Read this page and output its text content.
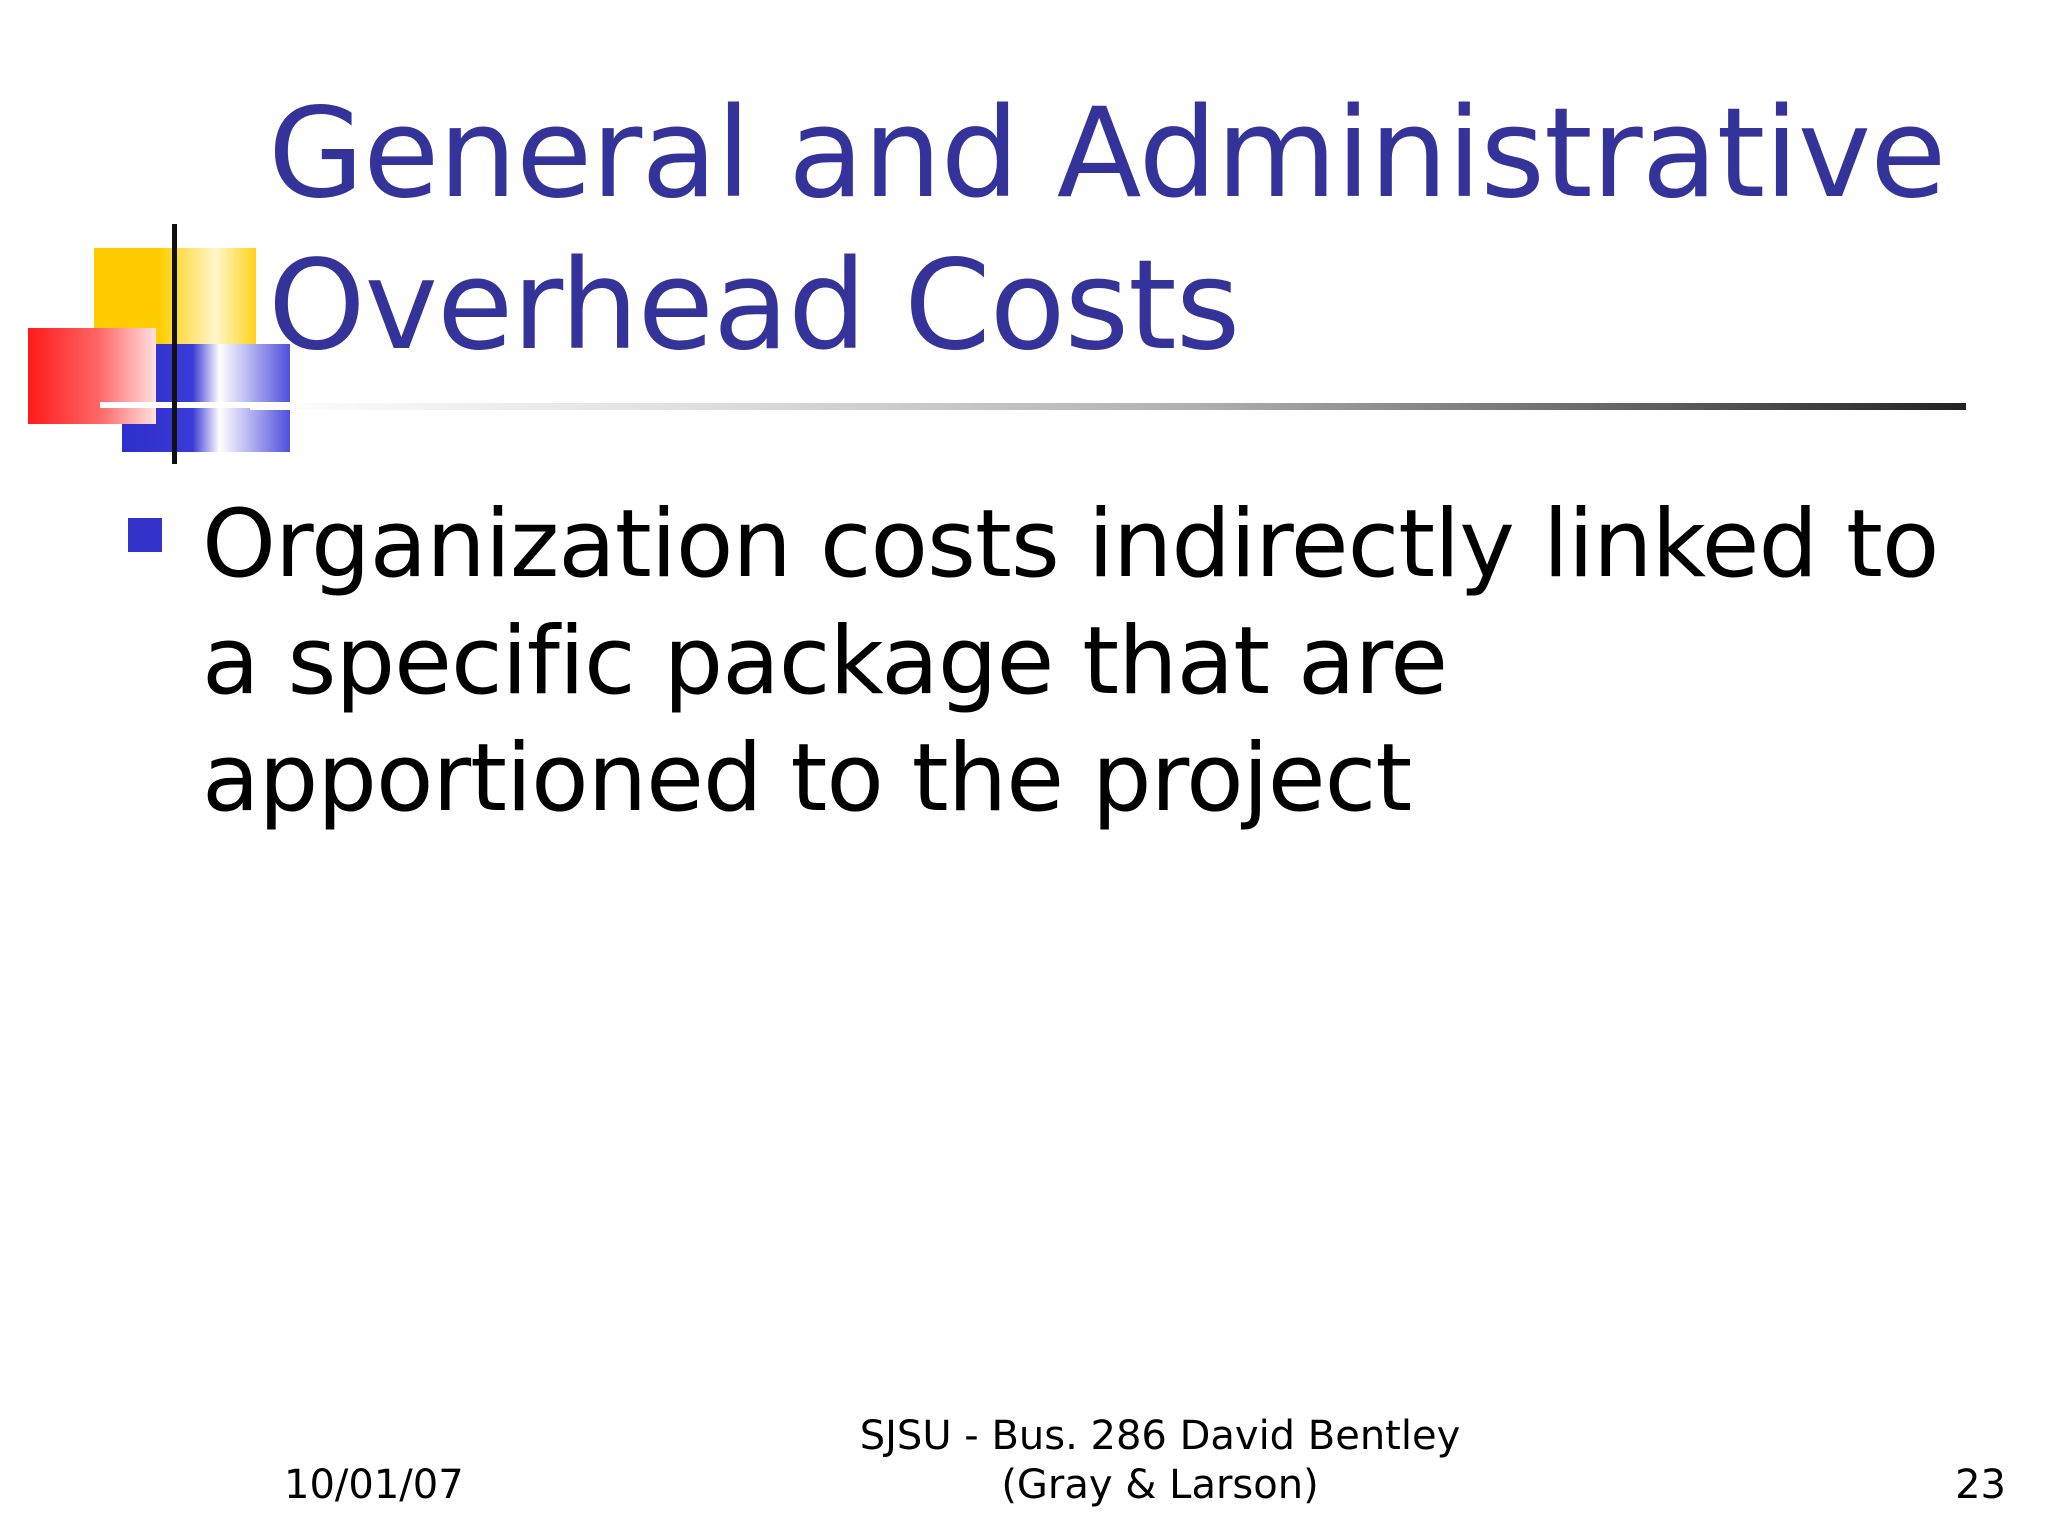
General and Administrative Overhead Costs
Organization costs indirectly linked to a specific package that are apportioned to the project
10/01/07
SJSU - Bus. 286 David Bentley
(Gray & Larson)	23
